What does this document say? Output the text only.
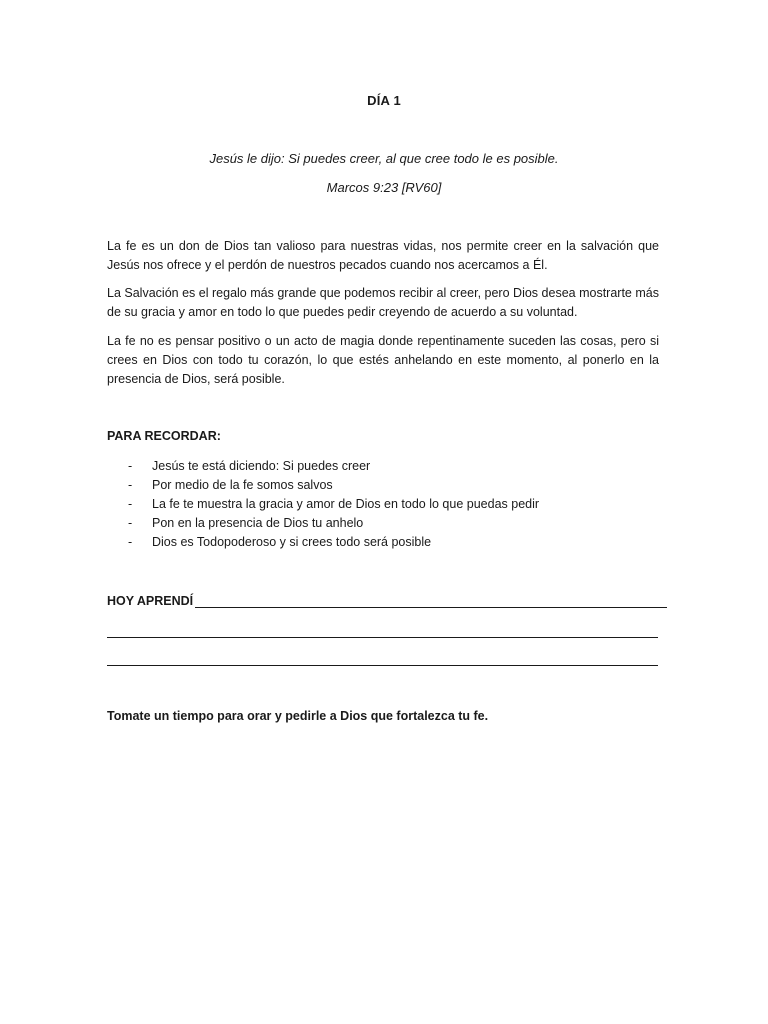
DÍA 1
Jesús le dijo: Si puedes creer, al que cree todo le es posible.
Marcos 9:23 [RV60]
La fe es un don de Dios tan valioso para nuestras vidas, nos permite creer en la salvación que Jesús nos ofrece y el perdón de nuestros pecados cuando nos acercamos a Él.
La Salvación es el regalo más grande que podemos recibir al creer, pero Dios desea mostrarte más de su gracia y amor en todo lo que puedes pedir creyendo de acuerdo a su voluntad.
La fe no es pensar positivo o un acto de magia donde repentinamente suceden las cosas, pero si crees en Dios con todo tu corazón, lo que estés anhelando en este momento, al ponerlo en la presencia de Dios, será posible.
PARA RECORDAR:
- Jesús te está diciendo: Si puedes creer
- Por medio de la fe somos salvos
- La fe te muestra la gracia y amor de Dios en todo lo que puedas pedir
- Pon en la presencia de Dios tu anhelo
- Dios es Todopoderoso y si crees todo será posible
HOY APRENDÍ
Tomate un tiempo para orar y pedirle a Dios que fortalezca tu fe.
